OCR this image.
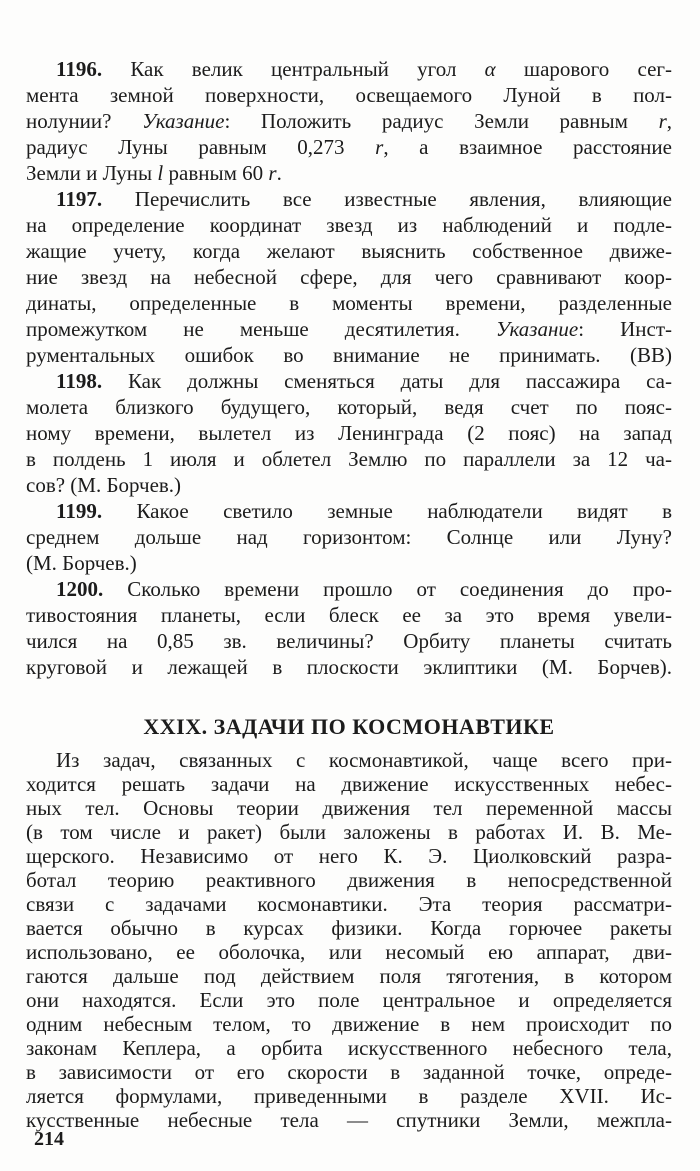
1196. Как велик центральный угол α шарового сег-
мента земной поверхности, освещаемого Луной в пол-
нолунии? Указание: Положить радиус Земли равным r,
радиус Луны равным 0,273 r, а взаимное расстояние
Земли и Луны l равным 60 r.
1197. Перечислить все известные явления, влияющие
на определение координат звезд из наблюдений и подле-
жащие учету, когда желают выяснить собственное движе-
ние звезд на небесной сфере, для чего сравнивают коор-
динаты, определенные в моменты времени, разделенные
промежутком не меньше десятилетия. Указание: Инст-
рументальных ошибок во внимание не принимать. (ВВ)
1198. Как должны сменяться даты для пассажира са-
молета близкого будущего, который, ведя счет по пояс-
ному времени, вылетел из Ленинграда (2 пояс) на запад
в полдень 1 июля и облетел Землю по параллели за 12 ча-
сов? (М. Борчев.)
1199. Какое светило земные наблюдатели видят в
среднем дольше над горизонтом: Солнце или Луну?
(М. Борчев.)
1200. Сколько времени прошло от соединения до про-
тивостояния планеты, если блеск ее за это время увели-
чился на 0,85 зв. величины? Орбиту планеты считать
круговой и лежащей в плоскости эклиптики (М. Борчев).
XXIX. ЗАДАЧИ ПО КОСМОНАВТИКЕ
Из задач, связанных с космонавтикой, чаще всего при-
ходится решать задачи на движение искусственных небес-
ных тел. Основы теории движения тел переменной массы
(в том числе и ракет) были заложены в работах И. В. Ме-
щерского. Независимо от него К. Э. Циолковский разра-
ботал теорию реактивного движения в непосредственной
связи с задачами космонавтики. Эта теория рассматри-
вается обычно в курсах физики. Когда горючее ракеты
использовано, ее оболочка, или несомый ею аппарат, дви-
гаются дальше под действием поля тяготения, в котором
они находятся. Если это поле центральное и определяется
одним небесным телом, то движение в нем происходит по
законам Кеплера, а орбита искусственного небесного тела,
в зависимости от его скорости в заданной точке, опреде-
ляется формулами, приведенными в разделе XVII. Ис-
кусственные небесные тела — спутники Земли, межпла-
214
